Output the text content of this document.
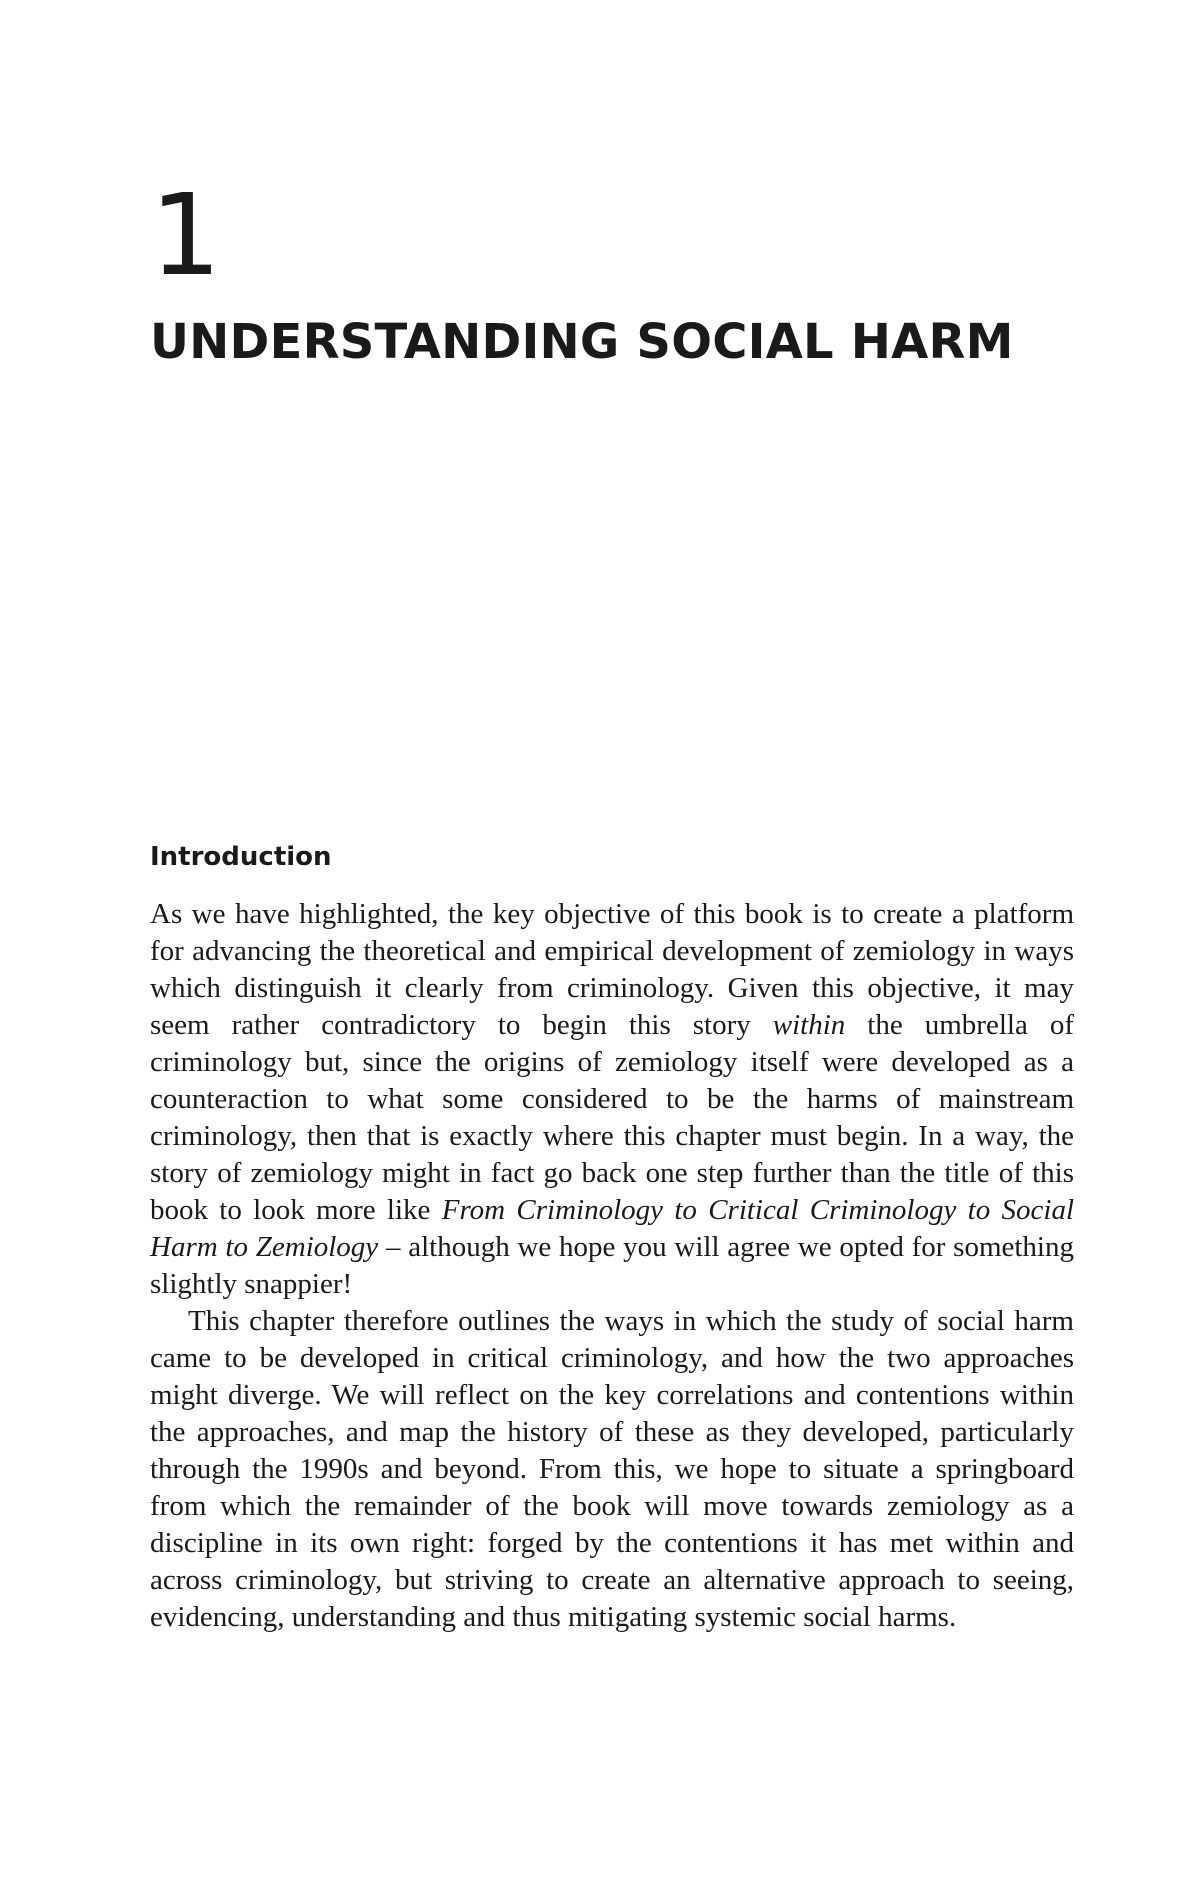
1
UNDERSTANDING SOCIAL HARM
Introduction

As we have highlighted, the key objective of this book is to create a platform for advancing the theoretical and empirical development of zemiology in ways which distinguish it clearly from criminology. Given this objective, it may seem rather contradictory to begin this story within the umbrella of criminology but, since the origins of zemiology itself were developed as a counteraction to what some considered to be the harms of mainstream criminology, then that is exactly where this chapter must begin. In a way, the story of zemiology might in fact go back one step further than the title of this book to look more like From Criminology to Critical Criminology to Social Harm to Zemiology – although we hope you will agree we opted for something slightly snappier!

This chapter therefore outlines the ways in which the study of social harm came to be developed in critical criminology, and how the two approaches might diverge. We will reflect on the key correlations and contentions within the approaches, and map the history of these as they developed, particularly through the 1990s and beyond. From this, we hope to situate a springboard from which the remainder of the book will move towards zemiology as a discipline in its own right: forged by the contentions it has met within and across criminology, but striving to create an alternative approach to seeing, evidencing, understanding and thus mitigating systemic social harms.
